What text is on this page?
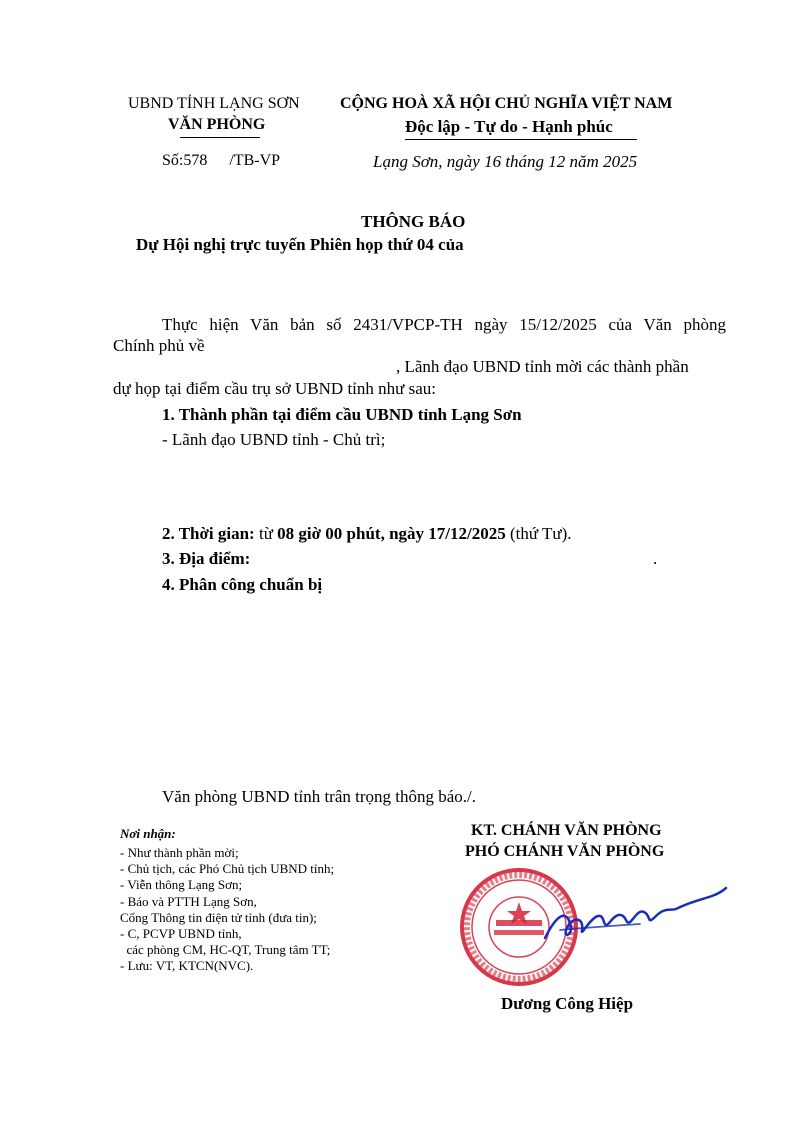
UBND TỈNH LẠNG SƠN
VĂN PHÒNG
CỘNG HOÀ XÃ HỘI CHỦ NGHĨA VIỆT NAM
Độc lập - Tự do - Hạnh phúc
Số:578 /TB-VP	Lạng Sơn, ngày 16 tháng 12 năm 2025
THÔNG BÁO
Dự Hội nghị trực tuyến Phiên họp thứ 04 của
Thực hiện Văn bản số 2431/VPCP-TH ngày 15/12/2025 của Văn phòng
Chính phủ về
, Lãnh đạo UBND tỉnh mời các thành phần
dự họp tại điểm cầu trụ sở UBND tỉnh như sau:
1. Thành phần tại điểm cầu UBND tỉnh Lạng Sơn
- Lãnh đạo UBND tỉnh - Chủ trì;
2. Thời gian: từ 08 giờ 00 phút, ngày 17/12/2025 (thứ Tư).
3. Địa điểm:	.
4. Phân công chuẩn bị
Văn phòng UBND tỉnh trân trọng thông báo./.
Nơi nhận:
- Như thành phần mời;
- Chủ tịch, các Phó Chủ tịch UBND tỉnh;
- Viễn thông Lạng Sơn;
- Báo và PTTH Lạng Sơn,
Cổng Thông tin điện tử tỉnh (đưa tin);
- C, PCVP UBND tỉnh,
các phòng CM, HC-QT, Trung tâm TT;
- Lưu: VT, KTCN(NVC).
KT. CHÁNH VĂN PHÒNG
PHÓ CHÁNH VĂN PHÒNG
Dương Công Hiệp
